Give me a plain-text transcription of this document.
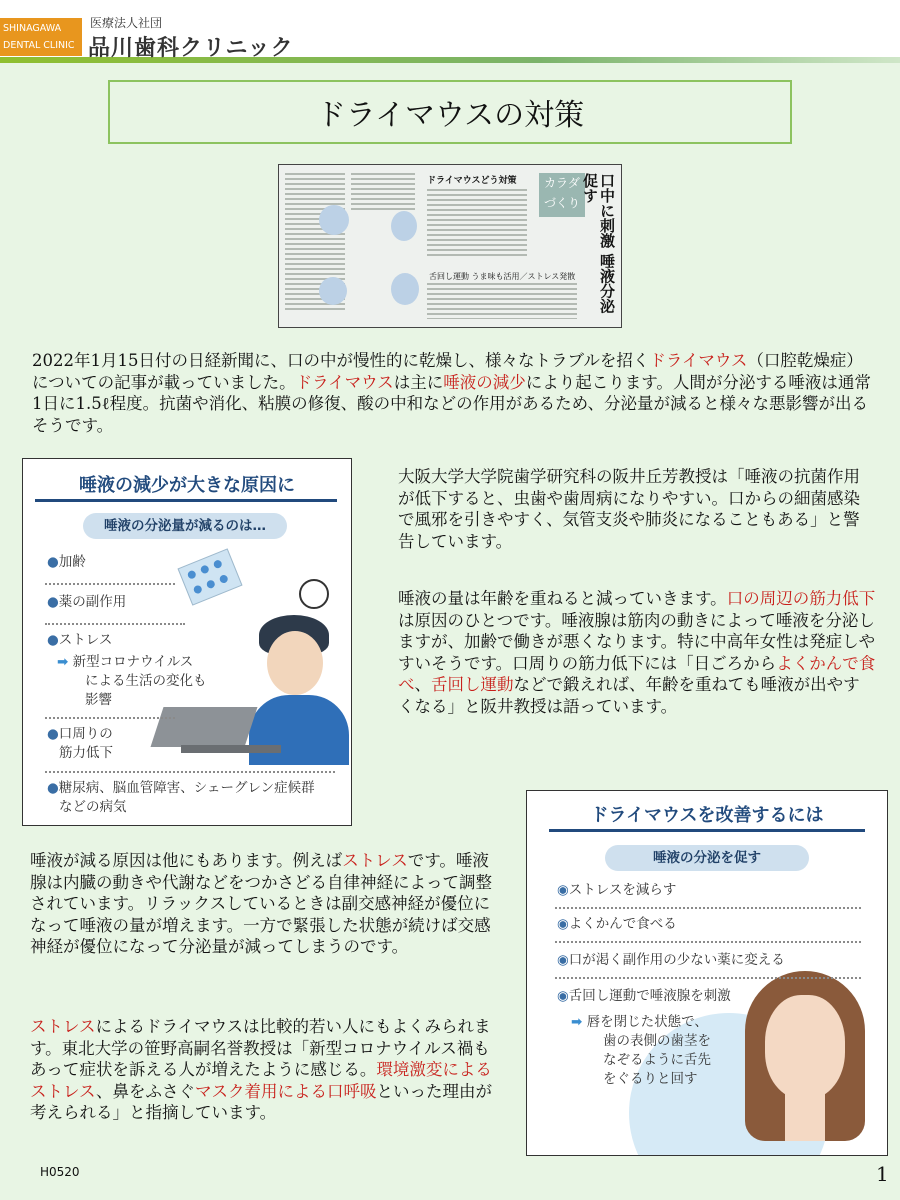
SHINAGAWA
DENTAL CLINIC
医療法人社団
品川歯科クリニック
ドライマウスの対策
ドライマウスどう対策
舌回し運動 うま味も活用／ストレス発散
カラダ
づくり	口中に刺激 唾液分泌促す

2022年1月15日付の日経新聞に、口の中が慢性的に乾燥し、様々なトラブルを招くドライマウス（口腔乾燥症）についての記事が載っていました。ドライマウスは主に唾液の減少により起こります。人間が分泌する唾液は通常1日に1.5ℓ程度。抗菌や消化、粘膜の修復、酸の中和などの作用があるため、分泌量が減ると様々な悪影響が出るそうです。

大阪大学大学院歯学研究科の阪井丘芳教授は「唾液の抗菌作用が低下すると、虫歯や歯周病になりやすい。口からの細菌感染で風邪を引きやすく、気管支炎や肺炎になることもある」と警告しています。

唾液の量は年齢を重ねると減っていきます。口の周辺の筋力低下は原因のひとつです。唾液腺は筋肉の動きによって唾液を分泌しますが、加齢で働きが悪くなります。特に中高年女性は発症しやすいそうです。口周りの筋力低下には「日ごろからよくかんで食べ、舌回し運動などで鍛えれば、年齢を重ねても唾液が出やすくなる」と阪井教授は語っています。

唾液が減る原因は他にもあります。例えばストレスです。唾液腺は内臓の動きや代謝などをつかさどる自律神経によって調整されています。リラックスしているときは副交感神経が優位になって唾液の量が増えます。一方で緊張した状態が続けば交感神経が優位になって分泌量が減ってしまうのです。

ストレスによるドライマウスは比較的若い人にもよくみられます。東北大学の笹野高嗣名誉教授は「新型コロナウイルス禍もあって症状を訴える人が増えたように感じる。環境激変によるストレス、鼻をふさぐマスク着用による口呼吸といった理由が考えられる」と指摘しています。

唾液の減少が大きな原因に
唾液の分泌量が減るのは…
●加齢
●薬の副作用
●ストレス
➡ 新型コロナウイルス
による生活の変化も
影響
●口周りの
筋力低下
●糖尿病、脳血管障害、シェーグレン症候群
などの病気	ドライマウスを改善するには
唾液の分泌を促す
◉ストレスを減らす
◉よくかんで食べる
◉口が渇く副作用の少ない薬に変える
◉舌回し運動で唾液腺を刺激
➡ 唇を閉じた状態で、
歯の表側の歯茎を
なぞるように舌先
をぐるりと回す
H0520	1
